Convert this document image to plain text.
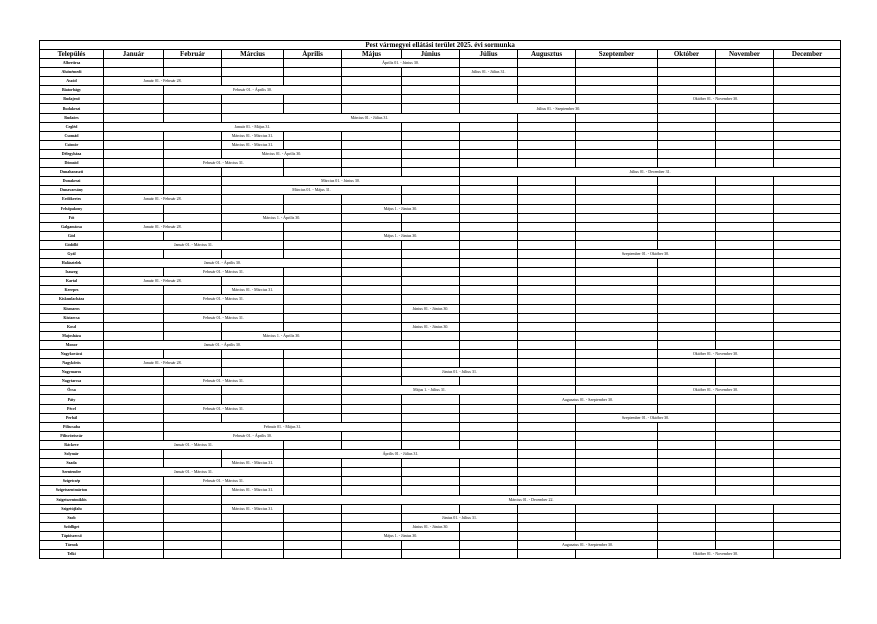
Pest vármegyei ellátási terület 2025. évi sormunka												
Település	Január	Február	Március	Április	Május	Június	Július	Augusztus	Szeptember	Október	November	December
Albertirsa					Április 01. - Június 30.							
Alsónémedi							Július 01. - Július 31.					
Aszód	Január 01. - Február 28.											
Biatorbágy		Február 01. - Április 30.										
Budajenő										Október 01. - November 30.		
Budakeszi							Július 01. - Szeptember 30.					
Budaörs			Március 01. - Július 31.									
Cegléd	Január 01. - Május 31.											
Csomád			Március 01. - Március 31.									
Csömör			Március 01. - Március 31.									
Délegyháza			Március 01. - Április 30.									
Dömsöd		Február 01. - Március 31.										
Dunaharaszti							Július 01. - December 31.					
Dunakeszi			Március 01. - Június 30.									
Dunavarsány			Március 01. - Május 31.									
Erdőkertes	Január 01. - Február 28.											
Felsőpakony					Május 1. - Június 30.							
Fót			Március 1. - Április 30.									
Galgamácsa	Január 01. - Február 28.											
Göd					Május 1. - Június 30.							
Gödöllő	Január 01. - Március 31.											
Gyál									Szeptember 01. - Október 30.			
Halásztelek	Január 01. - Április 30.											
Isaszeg		Február 01. - Március 31.										
Kartal	Január 01. - Február 28.											
Kerepes			Március 01. - Március 31.									
Kiskunlacháza		Február 01. - Március 31.										
Kismaros						Június 01. - Június 30.						
Kistarcsa		Február 01. - Március 31.										
Kosd						Június 01. - Június 30.						
Majosháza			Március 1. - Április 30.									
Monor	Január 01. - Április 30.											
Nagykovácsi										Október 01. - November 30.		
Nagykőrös	Január 01. - Február 28.											
Nagymaros						Június 01. - Július 31.						
Nagytarcsa		Február 01. - Március 31.										
Ócsa					Május 1. - Július 31.					Október 01. - November 30.		
Páty								Augusztus 01. - Szeptember 30.				
Pécel		Február 01. - Március 31.										
Perbál									Szeptember 01. - Október 30.			
Piliscsaba		Február 01. - Május 31.										
Pilisvörösvár		Február 01. - Április 30.										
Ráckeve	Január 01. - Március 31.											
Solymár				Április 01. - Július 31.								
Szada			Március 01. - Március 31.									
Szentendre	Január 01. - Március 31.											
Szigetcsép		Február 01. - Március 31.										
Szigetszentmárton			Március 01. - Március 31.									
Szigetszentmiklós			Március 01. - December 22.									
Szigetújfalu			Március 01. - Március 31.									
Szob						Június 01. - Július 31.						
Sződliget						Június 01. - Június 30.						
Tápiószecső					Május 1. - Június 30.							
Tárnok								Augusztus 01. - Szeptember 30.				
Telki										Október 01. - November 30.		
